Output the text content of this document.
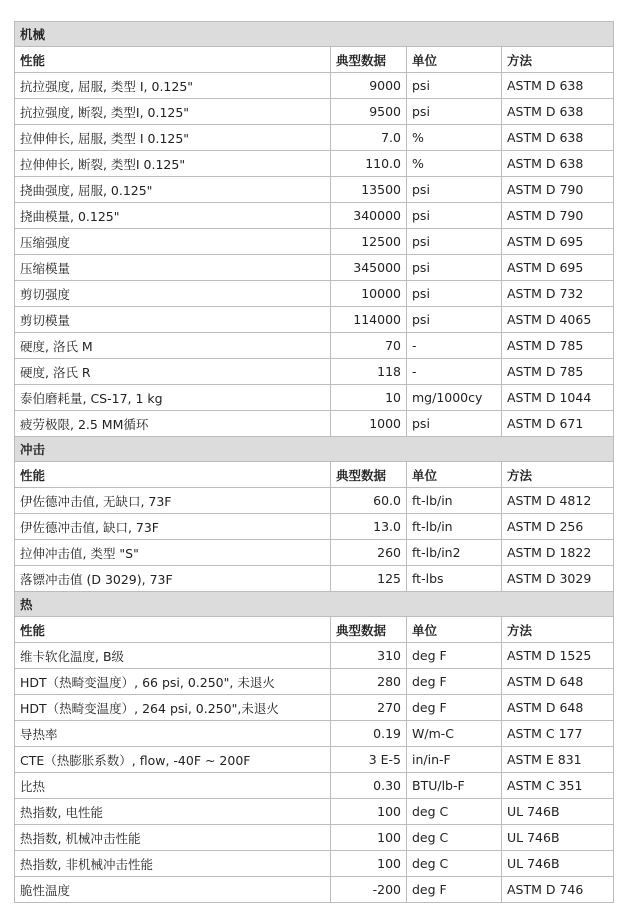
机械			
性能	典型数据	单位	方法
抗拉强度, 屈服, 类型 I, 0.125"	9000	psi	ASTM D 638
抗拉强度, 断裂, 类型I, 0.125"	9500	psi	ASTM D 638
拉伸伸长, 屈服, 类型 I 0.125"	7.0	%	ASTM D 638
拉伸伸长, 断裂, 类型I 0.125"	110.0	%	ASTM D 638
挠曲强度, 屈服, 0.125"	13500	psi	ASTM D 790
挠曲模量, 0.125"	340000	psi	ASTM D 790
压缩强度	12500	psi	ASTM D 695
压缩模量	345000	psi	ASTM D 695
剪切强度	10000	psi	ASTM D 732
剪切模量	114000	psi	ASTM D 4065
硬度, 洛氏 M	70	-	ASTM D 785
硬度, 洛氏 R	118	-	ASTM D 785
泰伯磨耗量, CS-17, 1 kg	10	mg/1000cy	ASTM D 1044
疲劳极限, 2.5 MM循环	1000	psi	ASTM D 671
冲击			
性能	典型数据	单位	方法
伊佐德冲击值, 无缺口, 73F	60.0	ft-lb/in	ASTM D 4812
伊佐德冲击值, 缺口, 73F	13.0	ft-lb/in	ASTM D 256
拉伸冲击值, 类型 "S"	260	ft-lb/in2	ASTM D 1822
落镖冲击值 (D 3029), 73F	125	ft-lbs	ASTM D 3029
热			
性能	典型数据	单位	方法
维卡软化温度, B级	310	deg F	ASTM D 1525
HDT（热畸变温度）, 66 psi, 0.250", 未退火	280	deg F	ASTM D 648
HDT（热畸变温度）, 264 psi, 0.250",未退火	270	deg F	ASTM D 648
导热率	0.19	W/m-C	ASTM C 177
CTE（热膨胀系数）, flow, -40F ~ 200F	3 E-5	in/in-F	ASTM E 831
比热	0.30	BTU/lb-F	ASTM C 351
热指数, 电性能	100	deg C	UL 746B
热指数, 机械冲击性能	100	deg C	UL 746B
热指数, 非机械冲击性能	100	deg C	UL 746B
脆性温度	-200	deg F	ASTM D 746
